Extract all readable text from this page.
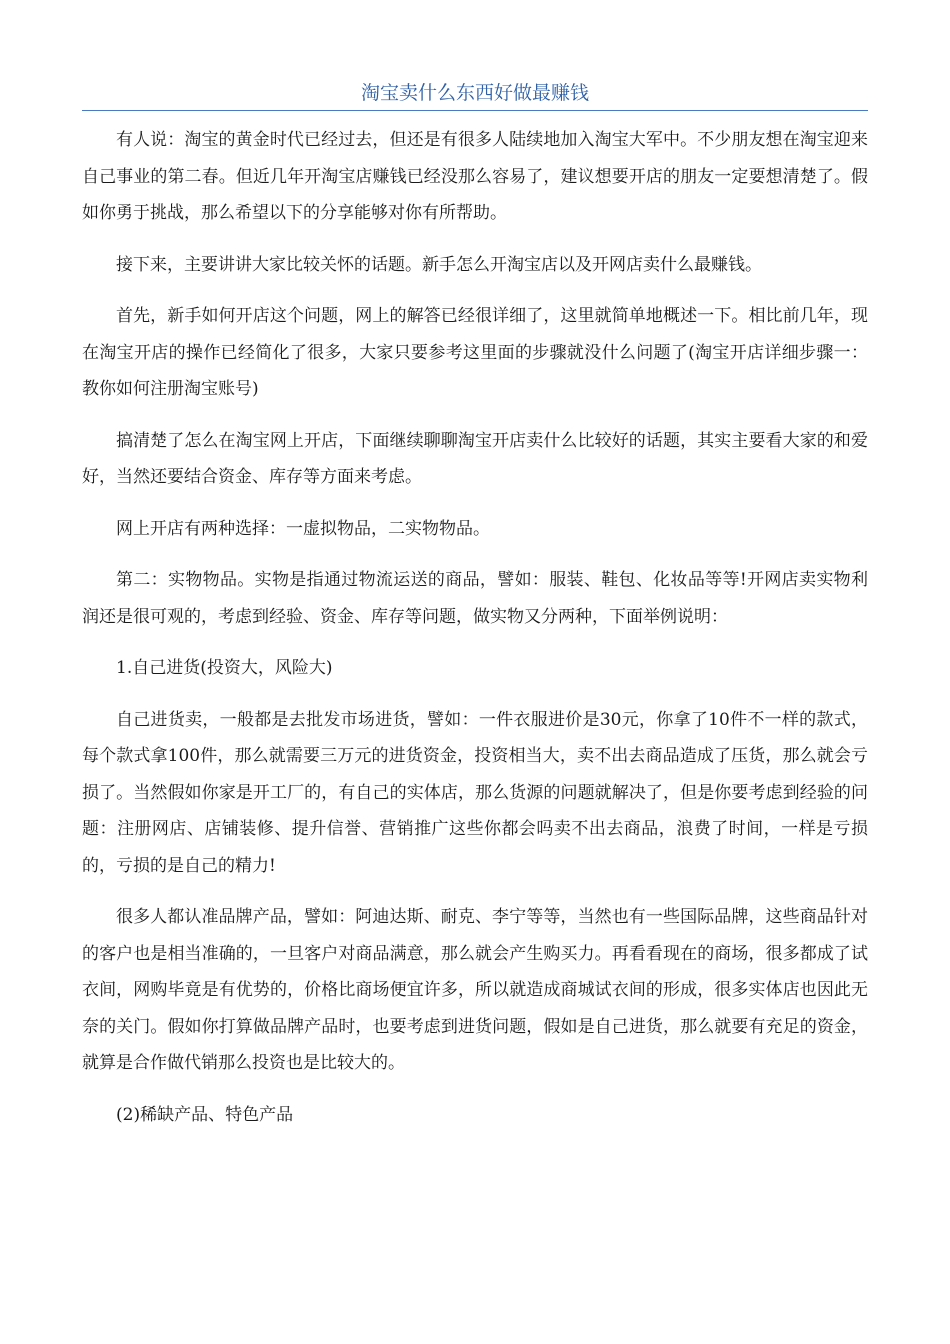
淘宝卖什么东西好做最赚钱

有人说：淘宝的黄金时代已经过去，但还是有很多人陆续地加入淘宝大军中。不少朋友想在淘宝迎来自己事业的第二春。但近几年开淘宝店赚钱已经没那么容易了，建议想要开店的朋友一定要想清楚了。假如你勇于挑战，那么希望以下的分享能够对你有所帮助。

接下来，主要讲讲大家比较关怀的话题。新手怎么开淘宝店以及开网店卖什么最赚钱。

首先，新手如何开店这个问题，网上的解答已经很详细了，这里就简单地概述一下。相比前几年，现在淘宝开店的操作已经简化了很多，大家只要参考这里面的步骤就没什么问题了(淘宝开店详细步骤一：教你如何注册淘宝账号)

搞清楚了怎么在淘宝网上开店，下面继续聊聊淘宝开店卖什么比较好的话题，其实主要看大家的和爱好，当然还要结合资金、库存等方面来考虑。

网上开店有两种选择：一虚拟物品，二实物物品。

第二：实物物品。实物是指通过物流运送的商品，譬如：服装、鞋包、化妆品等等!开网店卖实物利润还是很可观的，考虑到经验、资金、库存等问题，做实物又分两种，下面举例说明：

1.自己进货(投资大，风险大)

自己进货卖，一般都是去批发市场进货，譬如：一件衣服进价是30元，你拿了10件不一样的款式，每个款式拿100件，那么就需要三万元的进货资金，投资相当大，卖不出去商品造成了压货，那么就会亏损了。当然假如你家是开工厂的，有自己的实体店，那么货源的问题就解决了，但是你要考虑到经验的问题：注册网店、店铺装修、提升信誉、营销推广这些你都会吗卖不出去商品，浪费了时间，一样是亏损的，亏损的是自己的精力!

很多人都认准品牌产品，譬如：阿迪达斯、耐克、李宁等等，当然也有一些国际品牌，这些商品针对的客户也是相当准确的，一旦客户对商品满意，那么就会产生购买力。再看看现在的商场，很多都成了试衣间，网购毕竟是有优势的，价格比商场便宜许多，所以就造成商城试衣间的形成，很多实体店也因此无奈的关门。假如你打算做品牌产品时，也要考虑到进货问题，假如是自己进货，那么就要有充足的资金，就算是合作做代销那么投资也是比较大的。

(2)稀缺产品、特色产品
